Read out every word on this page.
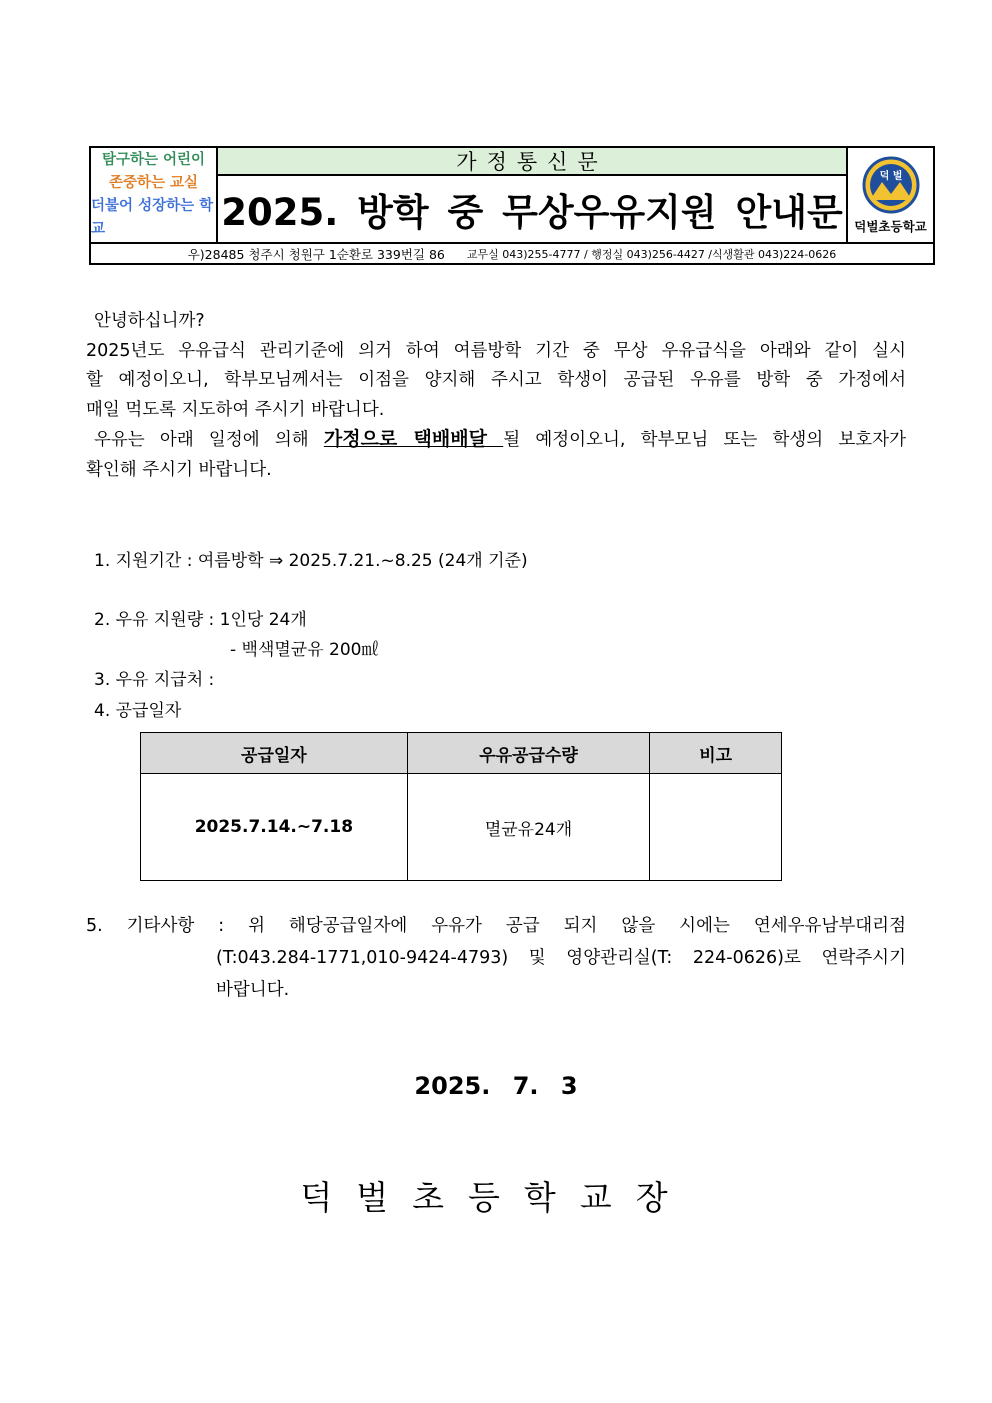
탐구하는 어린이
존중하는 교실
더불어 성장하는 학교
가정통신문
2025. 방학 중 무상우유지원 안내문
덕 벌
덕벌초등학교
우)28485 청주시 청원구 1순환로 339번길 86 교무실 043)255-4777 / 행정실 043)256-4427 /식생활관 043)224-0626
안녕하십니까?
2025년도 우유급식 관리기준에 의거 하여 여름방학 기간 중 무상 우유급식을 아래와 같이 실시
할 예정이오니, 학부모님께서는 이점을 양지해 주시고 학생이 공급된 우유를 방학 중 가정에서
매일 먹도록 지도하여 주시기 바랍니다.
우유는 아래 일정에 의해 가정으로 택배배달 될 예정이오니, 학부모님 또는 학생의 보호자가
확인해 주시기 바랍니다.
1. 지원기간 : 여름방학 ⇒ 2025.7.21.~8.25 (24개 기준)
2. 우유 지원량 : 1인당 24개
- 백색멸균유 200㎖
3. 우유 지급처 :
4. 공급일자
공급일자	우유공급수량	비고
2025.7.14.~7.18	멸균유24개	
5. 기타사항 : 위 해당공급일자에 우유가 공급 되지 않을 시에는 연세우유남부대리점
(T:043.284-1771,010-9424-4793) 및 영양관리실(T: 224-0626)로 연락주시기
바랍니다.
2025. 7. 3
덕벌초등학교장
